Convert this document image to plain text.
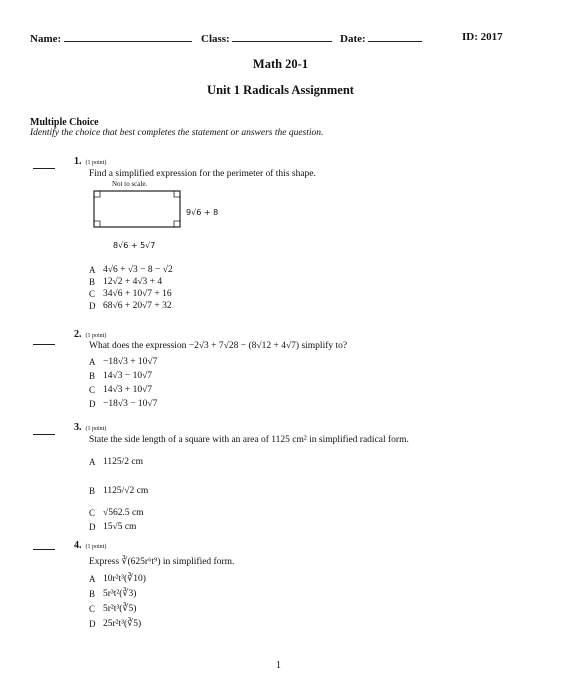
Name:	Class:	Date:	ID: 2017
Math 20-1
Unit 1 Radicals Assignment
Multiple Choice
Identify the choice that best completes the statement or answers the question.
1. (1 point)
Find a simplified expression for the perimeter of this shape.
Not to scale.
9√6 + 8
8√6 + 5√7
A 4√6 + √3 − 8 − √2
B 12√2 + 4√3 + 4
C 34√6 + 10√7 + 16
D 68√6 + 20√7 + 32
2. (1 point)
What does the expression −2√3 + 7√28 − (8√12 + 4√7) simplify to?
A −18√3 + 10√7
B 14√3 − 10√7
C 14√3 + 10√7
D −18√3 − 10√7
3. (1 point)
State the side length of a square with an area of 1125 cm² in simplified radical form.
A 1125/2 cm
B 1125/√2 cm
C √562.5 cm
D 15√5 cm
4. (1 point)
Express ∛(625r⁶t⁹) in simplified form.
A 10r²t³(∛10)
B 5r³t²(∛3)
C 5r²t³(∛5)
D 25r²t³(∛5)
1
